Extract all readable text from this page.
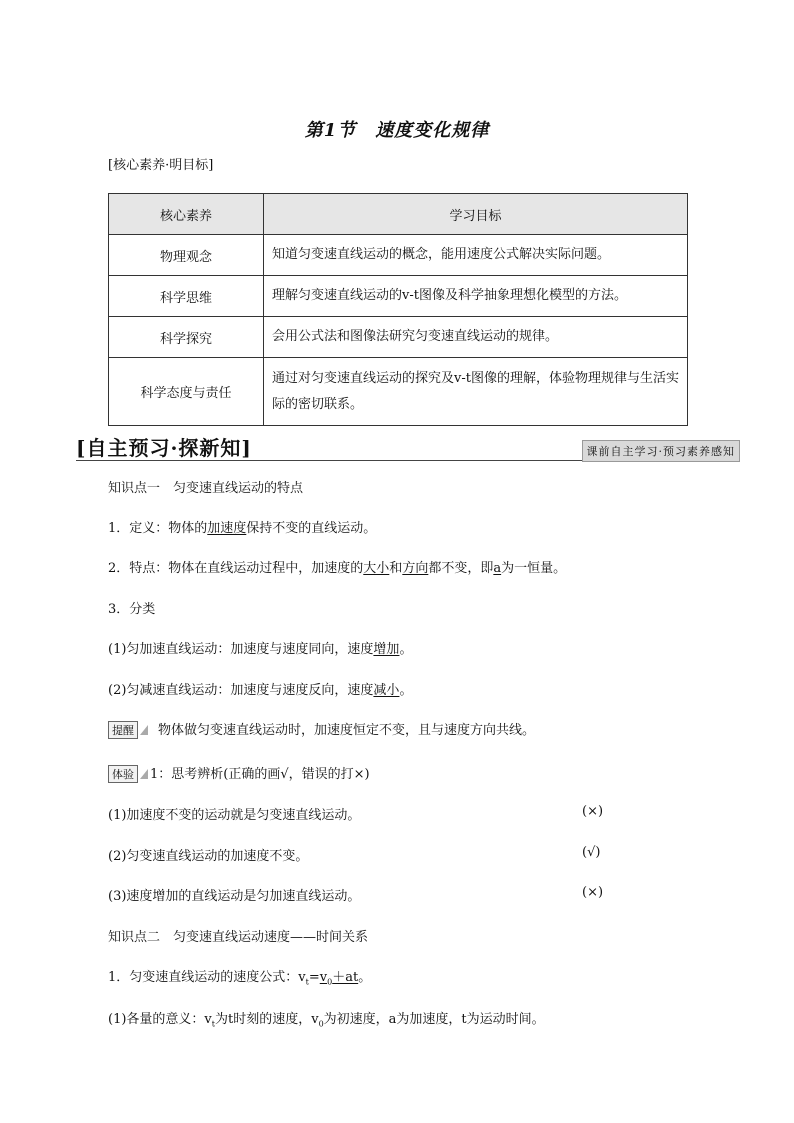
第1节　速度变化规律
[核心素养·明目标]
核心素养	学习目标
物理观念	知道匀变速直线运动的概念，能用速度公式解决实际问题。
科学思维	理解匀变速直线运动的v-t图像及科学抽象理想化模型的方法。
科学探究	会用公式法和图像法研究匀变速直线运动的规律。
科学态度与责任	通过对匀变速直线运动的探究及v-t图像的理解，体验物理规律与生活实际的密切联系。
[自主预习·探新知]	课前自主学习·预习素养感知
知识点一　匀变速直线运动的特点
1．定义：物体的加速度保持不变的直线运动。
2．特点：物体在直线运动过程中，加速度的大小和方向都不变，即a为一恒量。
3．分类
(1)匀加速直线运动：加速度与速度同向，速度增加。
(2)匀减速直线运动：加速度与速度反向，速度减小。
提醒 物体做匀变速直线运动时，加速度恒定不变，且与速度方向共线。
体验 1：思考辨析(正确的画√，错误的打×)
(1)加速度不变的运动就是匀变速直线运动。	(×)
(2)匀变速直线运动的加速度不变。	(√)
(3)速度增加的直线运动是匀加速直线运动。	(×)
知识点二　匀变速直线运动速度——时间关系
1．匀变速直线运动的速度公式：$v_t=v_0+at$。
(1)各量的意义：$v_t$为t时刻的速度，$v_0$为初速度，a为加速度，t为运动时间。
